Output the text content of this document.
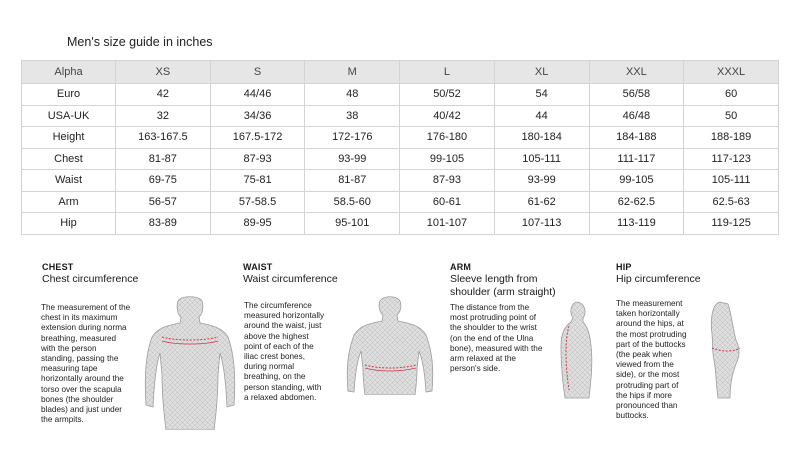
Men's size guide in inches
Alpha	XS	S	M	L	XL	XXL	XXXL
Euro	42	44/46	48	50/52	54	56/58	60
USA-UK	32	34/36	38	40/42	44	46/48	50
Height	163-167.5	167.5-172	172-176	176-180	180-184	184-188	188-189
Chest	81-87	87-93	93-99	99-105	105-111	111-117	117-123
Waist	69-75	75-81	81-87	87-93	93-99	99-105	105-111
Arm	56-57	57-58.5	58.5-60	60-61	61-62	62-62.5	62.5-63
Hip	83-89	89-95	95-101	101-107	107-113	113-119	119-125
CHEST
Chest circumference
The measurement of the
chest in its maximum
extension during norma
breathing, measured
with the person
standing, passing the
measuring tape
horizontally around the
torso over the scapula
bones (the shoulder
blades) and just under
the armpits.
WAIST
Waist circumference
The circumference
measured horizontally
around the waist, just
above the highest
point of each of the
iliac crest bones,
during normal
breathing, on the
person standing, with
a relaxed abdomen.
ARM
Sleeve length from
shoulder (arm straight)
The distance from the
most protruding point of
the shoulder to the wrist
(on the end of the Ulna
bone), measured with the
arm relaxed at the
person's side.
HIP
Hip circumference
The measurement
taken horizontally
around the hips, at
the most protruding
part of the buttocks
(the peak when
viewed from the
side), or the most
protruding part of
the hips if more
pronounced than
buttocks.
